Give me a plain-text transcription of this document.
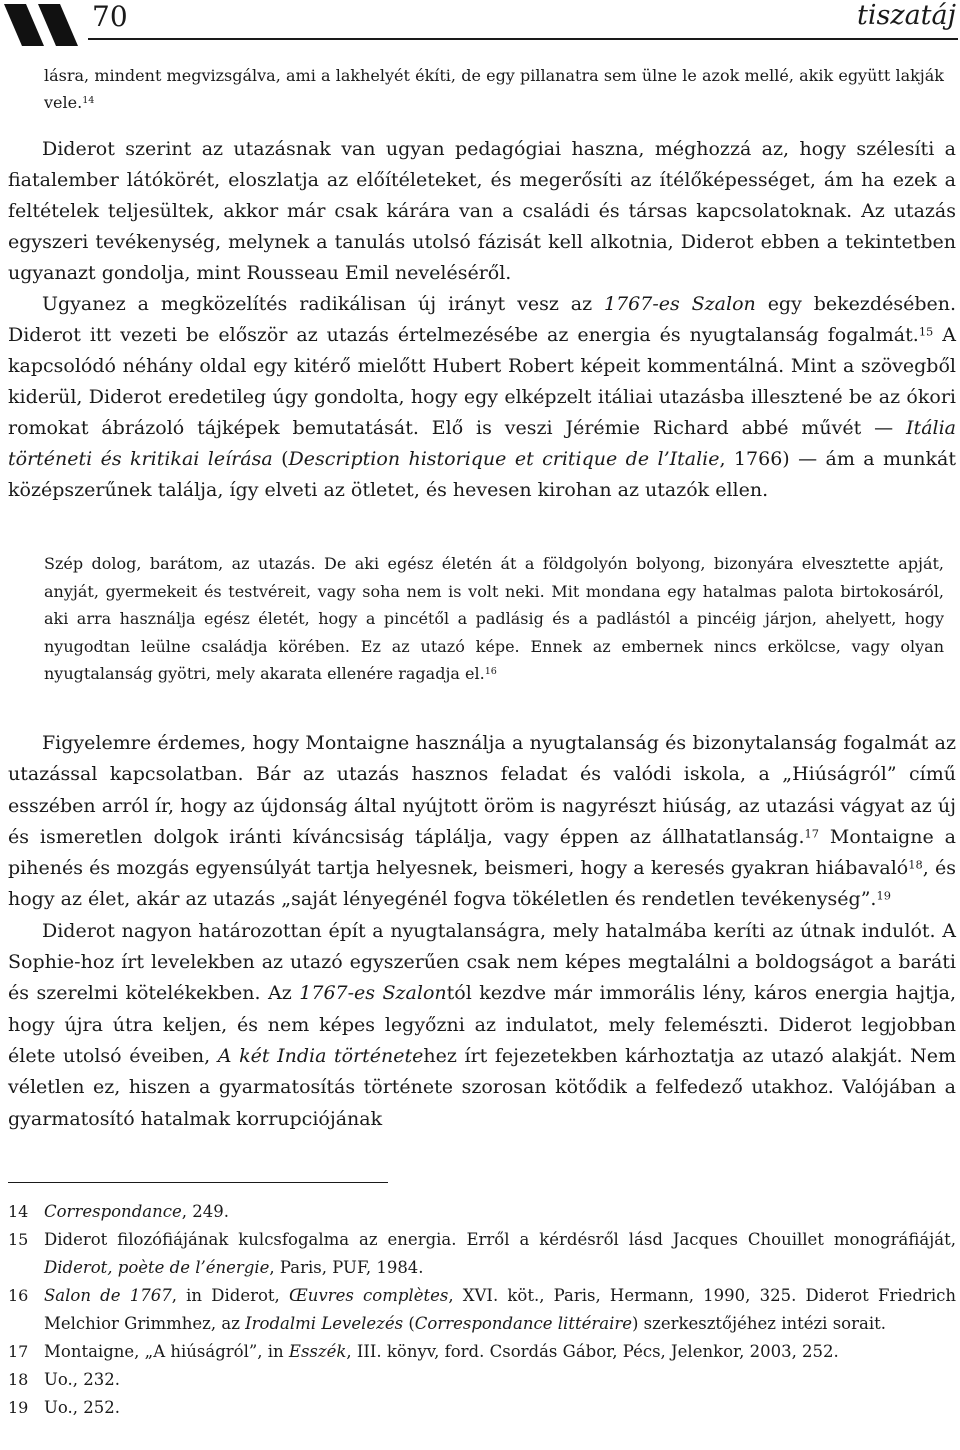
70	tiszatáj
lásra, mindent megvizsgálva, ami a lakhelyét ékíti, de egy pillanatra sem ülne le azok mellé, akik együtt lakják vele.$^{14}$

Diderot szerint az utazásnak van ugyan pedagógiai haszna, méghozzá az, hogy szélesíti a fiatalember látókörét, eloszlatja az előítéleteket, és megerősíti az ítélőképességet, ám ha ezek a feltételek teljesültek, akkor már csak kárára van a családi és társas kapcsolatoknak. Az utazás egyszeri tevékenység, melynek a tanulás utolsó fázisát kell alkotnia, Diderot ebben a tekintetben ugyanazt gondolja, mint Rousseau Emil neveléséről.

Ugyanez a megközelítés radikálisan új irányt vesz az 1767-es Szalon egy bekezdésében. Diderot itt vezeti be először az utazás értelmezésébe az energia és nyugtalanság fogalmát.$^{15}$ A kapcsolódó néhány oldal egy kitérő mielőtt Hubert Robert képeit kommentálná. Mint a szövegből kiderül, Diderot eredetileg úgy gondolta, hogy egy elképzelt itáliai utazásba illesztené be az ókori romokat ábrázoló tájképek bemutatását. Elő is veszi Jérémie Richard abbé művét — Itália történeti és kritikai leírása (Description historique et critique de l’Italie, 1766) — ám a munkát középszerűnek találja, így elveti az ötletet, és hevesen kirohan az utazók ellen.

Szép dolog, barátom, az utazás. De aki egész életén át a földgolyón bolyong, bizonyára elvesztette apját, anyját, gyermekeit és testvéreit, vagy soha nem is volt neki. Mit mondana egy hatalmas palota birtokosáról, aki arra használja egész életét, hogy a pincétől a padlásig és a padlástól a pincéig járjon, ahelyett, hogy nyugodtan leülne családja körében. Ez az utazó képe. Ennek az embernek nincs erkölcse, vagy olyan nyugtalanság gyötri, mely akarata ellenére ragadja el.$^{16}$

Figyelemre érdemes, hogy Montaigne használja a nyugtalanság és bizonytalanság fogalmát az utazással kapcsolatban. Bár az utazás hasznos feladat és valódi iskola, a „Hiúságról” című esszében arról ír, hogy az újdonság által nyújtott öröm is nagyrészt hiúság, az utazási vágyat az új és ismeretlen dolgok iránti kíváncsiság táplálja, vagy éppen az állhatatlanság.$^{17}$ Montaigne a pihenés és mozgás egyensúlyát tartja helyesnek, beismeri, hogy a keresés gyakran hiábavaló$^{18}$, és hogy az élet, akár az utazás „saját lényegénél fogva tökéletlen és rendetlen tevékenység”.$^{19}$

Diderot nagyon határozottan épít a nyugtalanságra, mely hatalmába keríti az útnak indulót. A Sophie-hoz írt levelekben az utazó egyszerűen csak nem képes megtalálni a boldogságot a baráti és szerelmi kötelékekben. Az 1767-es Szalontól kezdve már immorális lény, káros energia hajtja, hogy újra útra keljen, és nem képes legyőzni az indulatot, mely felemészti. Diderot legjobban élete utolsó éveiben, A két India történetehez írt fejezetekben kárhoztatja az utazó alakját. Nem véletlen ez, hiszen a gyarmatosítás története szorosan kötődik a felfedező utakhoz. Valójában a gyarmatosító hatalmak korrupciójának

14 Correspondance, 249.
15 Diderot filozófiájának kulcsfogalma az energia. Erről a kérdésről lásd Jacques Chouillet monográfiáját, Diderot, poète de l’énergie, Paris, PUF, 1984.
16 Salon de 1767, in Diderot, Œuvres complètes, XVI. köt., Paris, Hermann, 1990, 325. Diderot Friedrich Melchior Grimmhez, az Irodalmi Levelezés (Correspondance littéraire) szerkesztőjéhez intézi sorait.
17 Montaigne, „A hiúságról”, in Esszék, III. könyv, ford. Csordás Gábor, Pécs, Jelenkor, 2003, 252.
18 Uo., 232.
19 Uo., 252.
